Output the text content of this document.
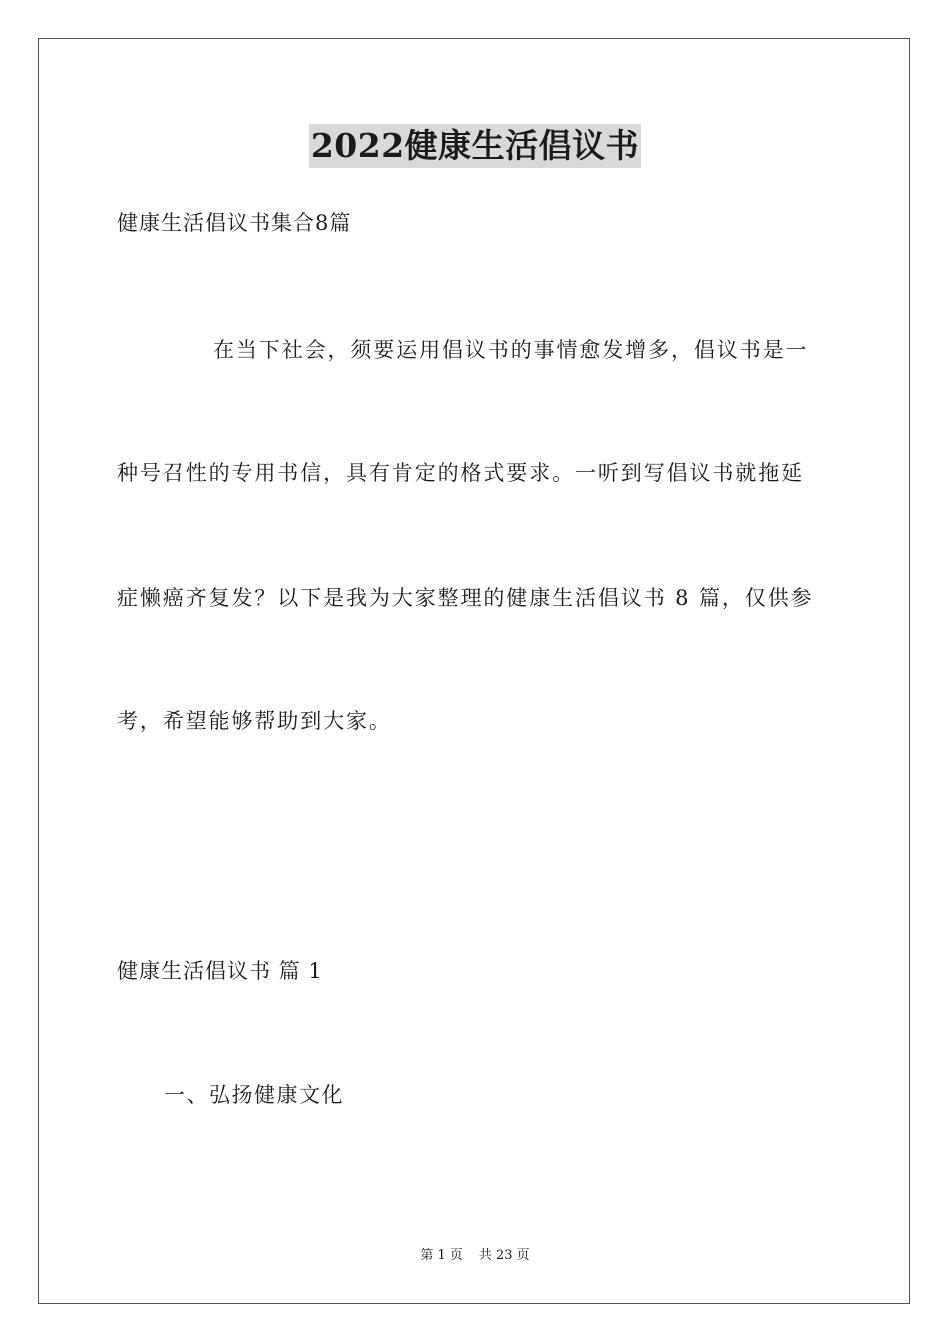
2022健康生活倡议书
健康生活倡议书集合8篇
在当下社会，须要运用倡议书的事情愈发增多，倡议书是一
种号召性的专用书信，具有肯定的格式要求。一听到写倡议书就拖延
症懒癌齐复发？以下是我为大家整理的健康生活倡议书 8 篇，仅供参
考，希望能够帮助到大家。
健康生活倡议书 篇 1
一、弘扬健康文化
第 1 页 共 23 页
